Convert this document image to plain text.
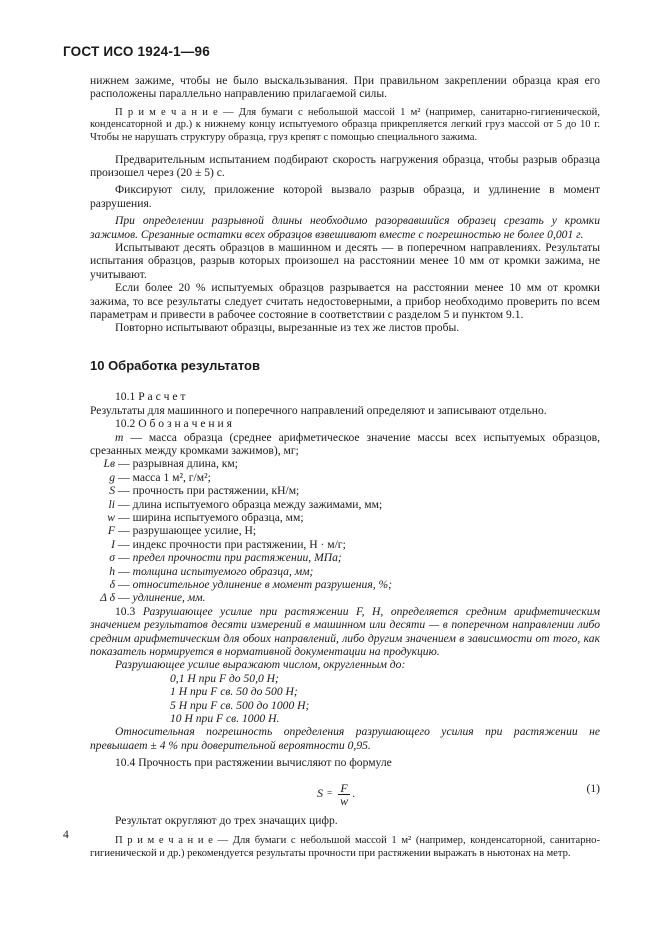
ГОСТ ИСО 1924-1—96

нижнем зажиме, чтобы не было выскальзывания. При правильном закреплении образца края его расположены параллельно направлению прилагаемой силы.

П р и м е ч а н и е — Для бумаги с небольшой массой 1 м² (например, санитарно-гигиенической, конденсаторной и др.) к нижнему концу испытуемого образца прикрепляется легкий груз массой от 5 до 10 г. Чтобы не нарушать структуру образца, груз крепят с помощью специального зажима.

Предварительным испытанием подбирают скорость нагружения образца, чтобы разрыв образца произошел через (20 ± 5) с.

Фиксируют силу, приложение которой вызвало разрыв образца, и удлинение в момент разрушения.

При определении разрывной длины необходимо разорвавшийся образец срезать у кромки зажимов. Срезанные остатки всех образцов взвешивают вместе с погрешностью не более 0,001 г.

Испытывают десять образцов в машинном и десять — в поперечном направлениях. Результаты испытания образцов, разрыв которых произошел на расстоянии менее 10 мм от кромки зажима, не учитывают.

Если более 20 % испытуемых образцов разрывается на расстоянии менее 10 мм от кромки зажима, то все результаты следует считать недостоверными, а прибор необходимо проверить по всем параметрам и привести в рабочее состояние в соответствии с разделом 5 и пунктом 9.1.

Повторно испытывают образцы, вырезанные из тех же листов пробы.

10 Обработка результатов

10.1 Р а с ч е т

Результаты для машинного и поперечного направлений определяют и записывают отдельно.

10.2 О б о з н а ч е н и я

m — масса образца (среднее арифметическое значение массы всех испытуемых образцов, срезанных между кромками зажимов), мг;

Lв — разрывная длина, км;
g — масса 1 м², г/м²;
S — прочность при растяжении, кН/м;
li — длина испытуемого образца между зажимами, мм;
w — ширина испытуемого образца, мм;
F — разрушающее усилие, Н;
I — индекс прочности при растяжении, Н · м/г;
σ — предел прочности при растяжении, МПа;
h — толщина испытуемого образца, мм;
δ — относительное удлинение в момент разрушения, %;
Δ δ — удлинение, мм.

10.3 Разрушающее усилие при растяжении F, Н, определяется средним арифметическим значением результатов десяти измерений в машинном или десяти — в поперечном направлении либо средним арифметическим для обоих направлений, либо другим значением в зависимости от того, как показатель нормируется в нормативной документации на продукцию.

Разрушающее усилие выражают числом, округленным до:

0,1 Н при F до 50,0 Н;
1 Н при F св. 50 до 500 Н;
5 Н при F св. 500 до 1000 Н;
10 Н при F св. 1000 Н.

Относительная погрешность определения разрушающего усилия при растяжении не превышает ± 4 % при доверительной вероятности 0,95.

10.4 Прочность при растяжении вычисляют по формуле

$S = \frac{F}{w}$ .	(1)

Результат округляют до трех значащих цифр.

П р и м е ч а н и е — Для бумаги с небольшой массой 1 м² (например, конденсаторной, санитарно-гигиенической и др.) рекомендуется результаты прочности при растяжении выражать в ньютонах на метр.

4
